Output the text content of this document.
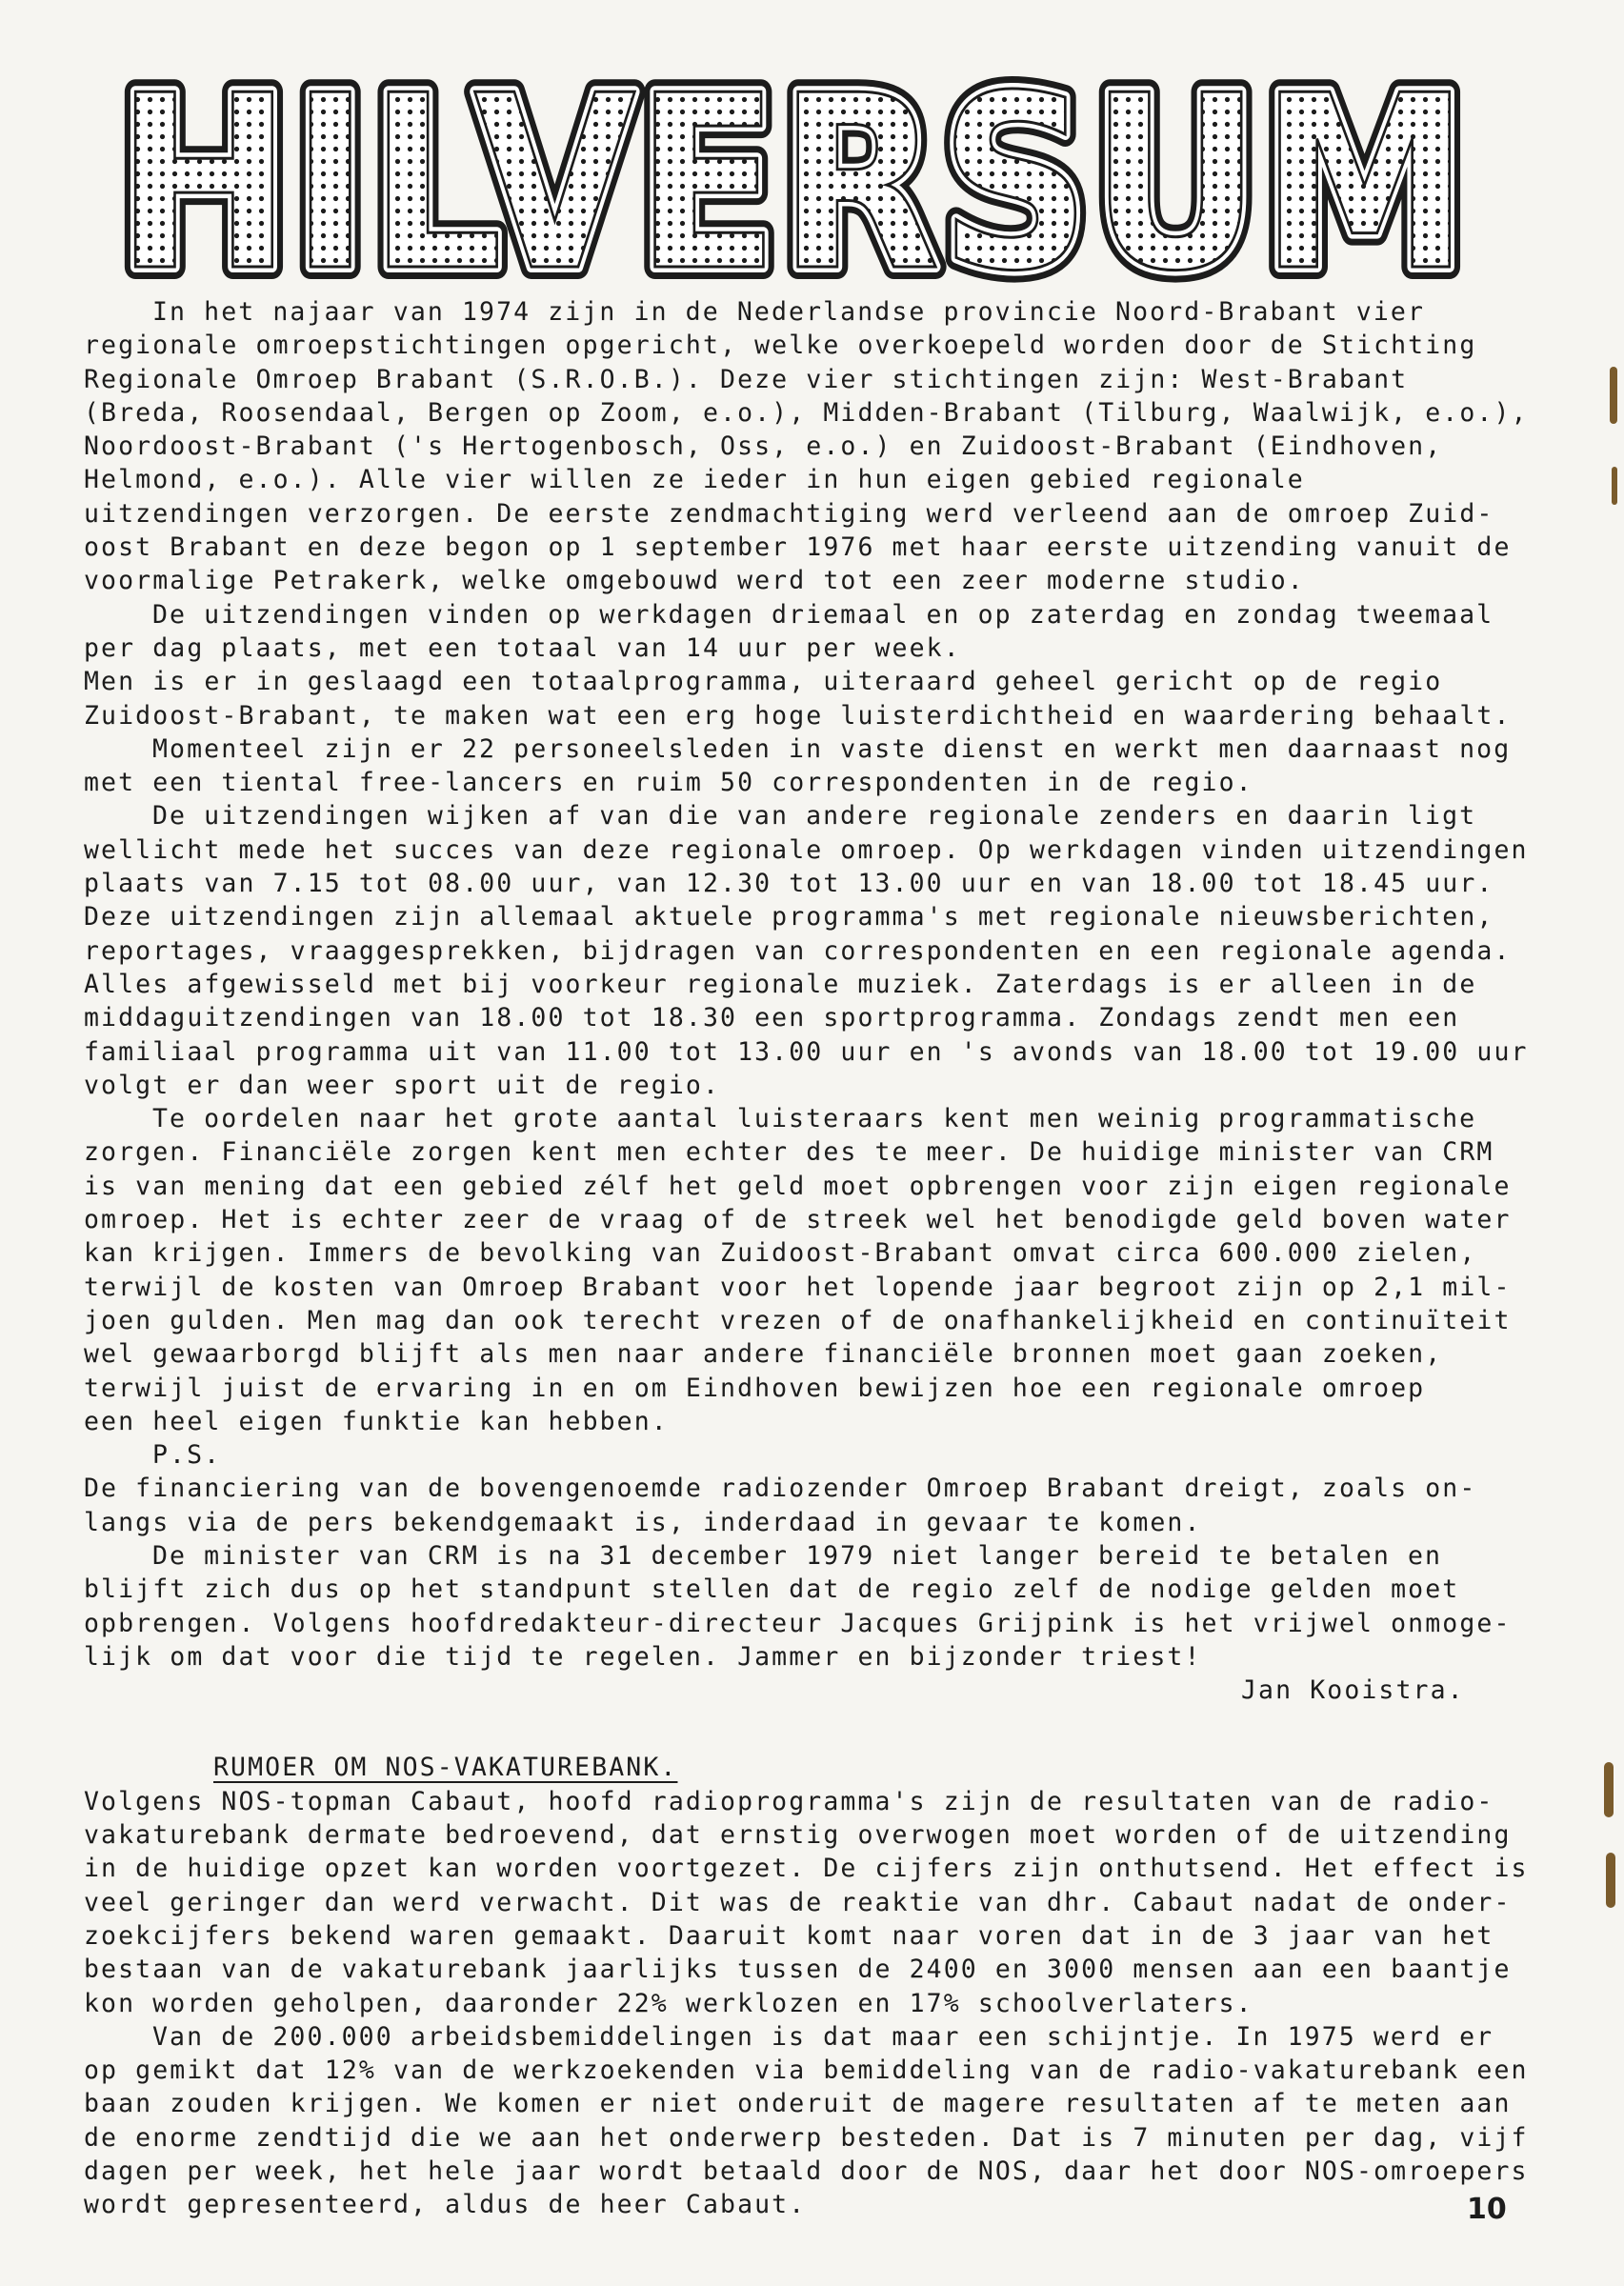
HILVERSUM
HILVERSUM
HILVERSUM
In het najaar van 1974 zijn in de Nederlandse provincie Noord-Brabant vier
regionale omroepstichtingen opgericht, welke overkoepeld worden door de Stichting
Regionale Omroep Brabant (S.R.O.B.). Deze vier stichtingen zijn: West-Brabant
(Breda, Roosendaal, Bergen op Zoom, e.o.), Midden-Brabant (Tilburg, Waalwijk, e.o.),
Noordoost-Brabant ('s Hertogenbosch, Oss, e.o.) en Zuidoost-Brabant (Eindhoven,
Helmond, e.o.). Alle vier willen ze ieder in hun eigen gebied regionale
uitzendingen verzorgen. De eerste zendmachtiging werd verleend aan de omroep Zuid-
oost Brabant en deze begon op 1 september 1976 met haar eerste uitzending vanuit de
voormalige Petrakerk, welke omgebouwd werd tot een zeer moderne studio.
De uitzendingen vinden op werkdagen driemaal en op zaterdag en zondag tweemaal
per dag plaats, met een totaal van 14 uur per week.
Men is er in geslaagd een totaalprogramma, uiteraard geheel gericht op de regio
Zuidoost-Brabant, te maken wat een erg hoge luisterdichtheid en waardering behaalt.
Momenteel zijn er 22 personeelsleden in vaste dienst en werkt men daarnaast nog
met een tiental free-lancers en ruim 50 correspondenten in de regio.
De uitzendingen wijken af van die van andere regionale zenders en daarin ligt
wellicht mede het succes van deze regionale omroep. Op werkdagen vinden uitzendingen
plaats van 7.15 tot 08.00 uur, van 12.30 tot 13.00 uur en van 18.00 tot 18.45 uur.
Deze uitzendingen zijn allemaal aktuele programma's met regionale nieuwsberichten,
reportages, vraaggesprekken, bijdragen van correspondenten en een regionale agenda.
Alles afgewisseld met bij voorkeur regionale muziek. Zaterdags is er alleen in de
middaguitzendingen van 18.00 tot 18.30 een sportprogramma. Zondags zendt men een
familiaal programma uit van 11.00 tot 13.00 uur en 's avonds van 18.00 tot 19.00 uur
volgt er dan weer sport uit de regio.
Te oordelen naar het grote aantal luisteraars kent men weinig programmatische
zorgen. Financiële zorgen kent men echter des te meer. De huidige minister van CRM
is van mening dat een gebied zélf het geld moet opbrengen voor zijn eigen regionale
omroep. Het is echter zeer de vraag of de streek wel het benodigde geld boven water
kan krijgen. Immers de bevolking van Zuidoost-Brabant omvat circa 600.000 zielen,
terwijl de kosten van Omroep Brabant voor het lopende jaar begroot zijn op 2,1 mil-
joen gulden. Men mag dan ook terecht vrezen of de onafhankelijkheid en continuïteit
wel gewaarborgd blijft als men naar andere financiële bronnen moet gaan zoeken,
terwijl juist de ervaring in en om Eindhoven bewijzen hoe een regionale omroep
een heel eigen funktie kan hebben.
P.S.
De financiering van de bovengenoemde radiozender Omroep Brabant dreigt, zoals on-
langs via de pers bekendgemaakt is, inderdaad in gevaar te komen.
De minister van CRM is na 31 december 1979 niet langer bereid te betalen en
blijft zich dus op het standpunt stellen dat de regio zelf de nodige gelden moet
opbrengen. Volgens hoofdredakteur-directeur Jacques Grijpink is het vrijwel onmoge-
lijk om dat voor die tijd te regelen. Jammer en bijzonder triest!
Jan Kooistra.
RUMOER OM NOS-VAKATUREBANK.
Volgens NOS-topman Cabaut, hoofd radioprogramma's zijn de resultaten van de radio-
vakaturebank dermate bedroevend, dat ernstig overwogen moet worden of de uitzending
in de huidige opzet kan worden voortgezet. De cijfers zijn onthutsend. Het effect is
veel geringer dan werd verwacht. Dit was de reaktie van dhr. Cabaut nadat de onder-
zoekcijfers bekend waren gemaakt. Daaruit komt naar voren dat in de 3 jaar van het
bestaan van de vakaturebank jaarlijks tussen de 2400 en 3000 mensen aan een baantje
kon worden geholpen, daaronder 22% werklozen en 17% schoolverlaters.
Van de 200.000 arbeidsbemiddelingen is dat maar een schijntje. In 1975 werd er
op gemikt dat 12% van de werkzoekenden via bemiddeling van de radio-vakaturebank een
baan zouden krijgen. We komen er niet onderuit de magere resultaten af te meten aan
de enorme zendtijd die we aan het onderwerp besteden. Dat is 7 minuten per dag, vijf
dagen per week, het hele jaar wordt betaald door de NOS, daar het door NOS-omroepers
wordt gepresenteerd, aldus de heer Cabaut.	10
